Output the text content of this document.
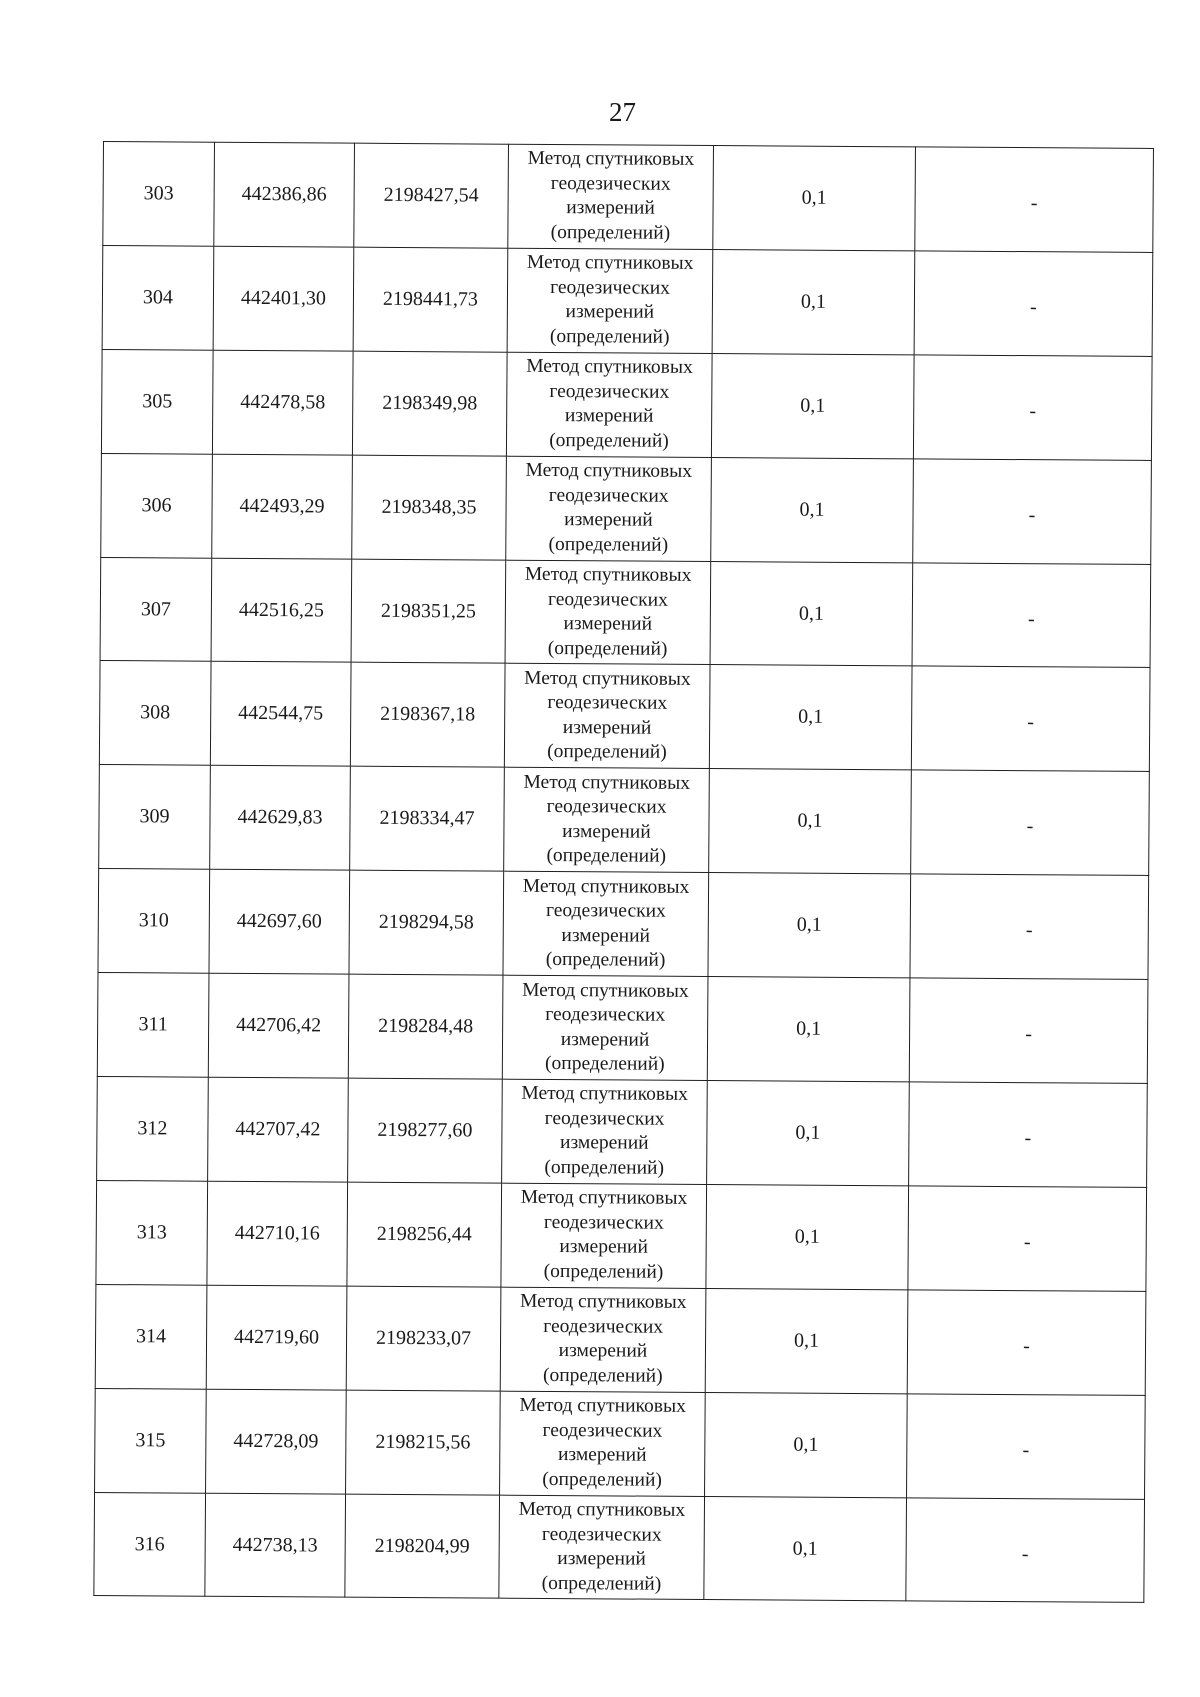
27
303	442386,86	2198427,54	Метод спутниковых
геодезических
измерений
(определений)	0,1	-
304	442401,30	2198441,73	Метод спутниковых
геодезических
измерений
(определений)	0,1	-
305	442478,58	2198349,98	Метод спутниковых
геодезических
измерений
(определений)	0,1	-
306	442493,29	2198348,35	Метод спутниковых
геодезических
измерений
(определений)	0,1	-
307	442516,25	2198351,25	Метод спутниковых
геодезических
измерений
(определений)	0,1	-
308	442544,75	2198367,18	Метод спутниковых
геодезических
измерений
(определений)	0,1	-
309	442629,83	2198334,47	Метод спутниковых
геодезических
измерений
(определений)	0,1	-
310	442697,60	2198294,58	Метод спутниковых
геодезических
измерений
(определений)	0,1	-
311	442706,42	2198284,48	Метод спутниковых
геодезических
измерений
(определений)	0,1	-
312	442707,42	2198277,60	Метод спутниковых
геодезических
измерений
(определений)	0,1	-
313	442710,16	2198256,44	Метод спутниковых
геодезических
измерений
(определений)	0,1	-
314	442719,60	2198233,07	Метод спутниковых
геодезических
измерений
(определений)	0,1	-
315	442728,09	2198215,56	Метод спутниковых
геодезических
измерений
(определений)	0,1	-
316	442738,13	2198204,99	Метод спутниковых
геодезических
измерений
(определений)	0,1	-
